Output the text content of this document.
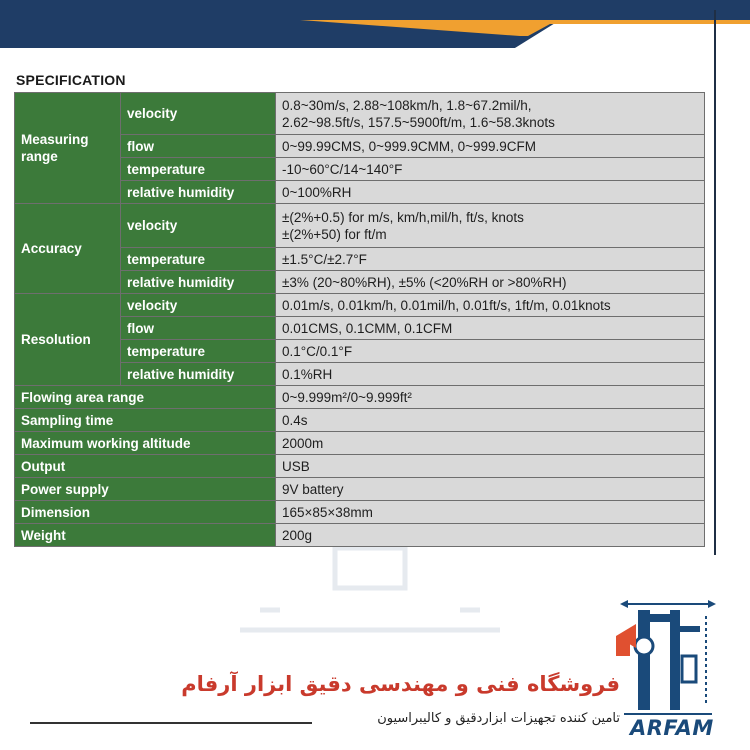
SPECIFICATION
Measuring range	velocity	0.8~30m/s, 2.88~108km/h, 1.8~67.2mil/h,
2.62~98.5ft/s, 157.5~5900ft/m, 1.6~58.3knots

	flow	0~99.99CMS, 0~999.9CMM, 0~999.9CFM
	temperature	-10~60°C/14~140°F
	relative humidity	0~100%RH
Accuracy	velocity	±(2%+0.5) for m/s, km/h,mil/h, ft/s, knots
±(2%+50) for ft/m

	temperature	±1.5°C/±2.7°F
	relative humidity	±3% (20~80%RH), ±5% (<20%RH or >80%RH)
Resolution	velocity	0.01m/s, 0.01km/h, 0.01mil/h, 0.01ft/s, 1ft/m, 0.01knots
	flow	0.01CMS, 0.1CMM, 0.1CFM
	temperature	0.1°C/0.1°F
	relative humidity	0.1%RH
Flowing area range		0~9.999m²/0~9.999ft²
Sampling time		0.4s
Maximum working altitude		2000m
Output		USB
Power supply		9V battery
Dimension		165×85×38mm
Weight		200g
فروشگاه فنی و مهندسی دقیق ابزار آرفام
تامین کننده تجهیزات ابزاردقیق و کالیبراسیون ARFAM
